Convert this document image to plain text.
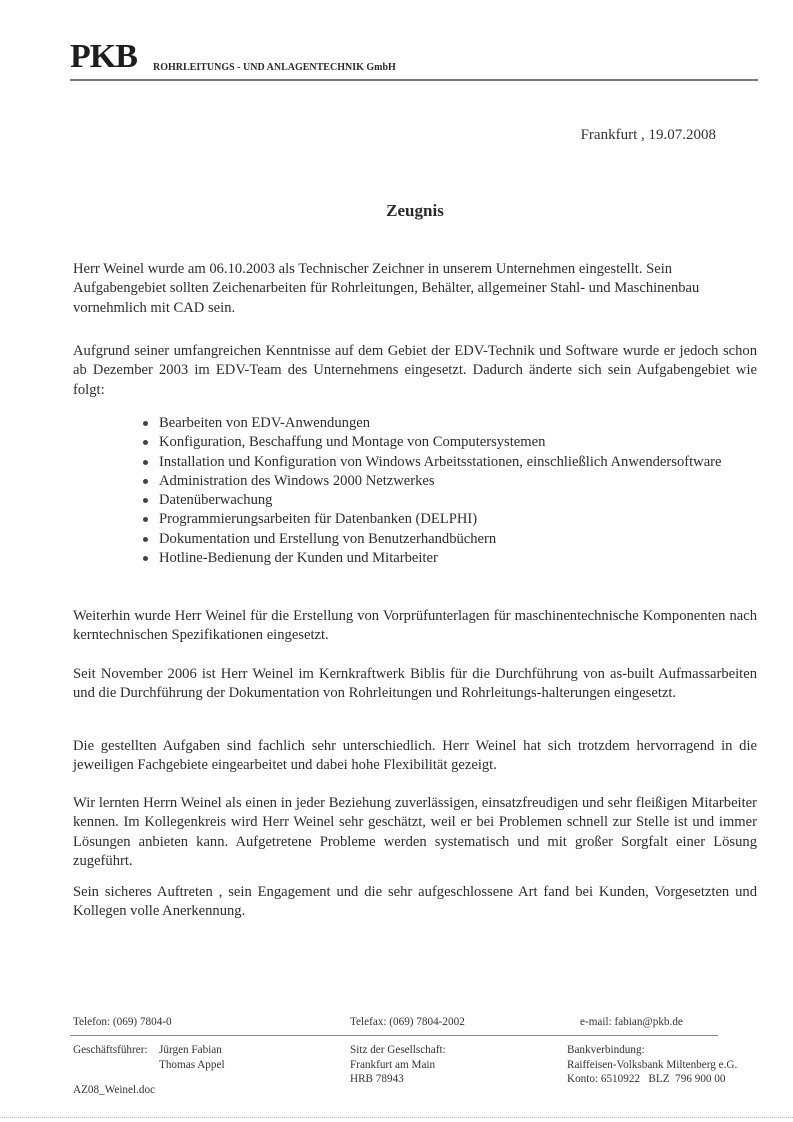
PKB ROHRLEITUNGS - UND ANLAGENTECHNIK GmbH
Frankfurt , 19.07.2008
Zeugnis

Herr Weinel wurde am 06.10.2003 als Technischer Zeichner in unserem Unternehmen eingestellt. Sein Aufgabengebiet sollten Zeichenarbeiten für Rohrleitungen, Behälter, allgemeiner Stahl- und Maschinenbau vornehmlich mit CAD sein.

Aufgrund seiner umfangreichen Kenntnisse auf dem Gebiet der EDV-Technik und Software wurde er jedoch schon ab Dezember 2003 im EDV-Team des Unternehmens eingesetzt. Dadurch änderte sich sein Aufgabengebiet wie folgt:

Bearbeiten von EDV-Anwendungen
Konfiguration, Beschaffung und Montage von Computersystemen
Installation und Konfiguration von Windows Arbeitsstationen, einschließlich Anwendersoftware
Administration des Windows 2000 Netzwerkes
Datenüberwachung
Programmierungsarbeiten für Datenbanken (DELPHI)
Dokumentation und Erstellung von Benutzerhandbüchern
Hotline-Bedienung der Kunden und Mitarbeiter

Weiterhin wurde Herr Weinel für die Erstellung von Vorprüfunterlagen für maschinentechnische Komponenten nach kerntechnischen Spezifikationen eingesetzt.

Seit November 2006 ist Herr Weinel im Kernkraftwerk Biblis für die Durchführung von as-built Aufmassarbeiten und die Durchführung der Dokumentation von Rohrleitungen und Rohrleitungs-halterungen eingesetzt.

Die gestellten Aufgaben sind fachlich sehr unterschiedlich. Herr Weinel hat sich trotzdem hervorragend in die jeweiligen Fachgebiete eingearbeitet und dabei hohe Flexibilität gezeigt.

Wir lernten Herrn Weinel als einen in jeder Beziehung zuverlässigen, einsatzfreudigen und sehr fleißigen Mitarbeiter kennen. Im Kollegenkreis wird Herr Weinel sehr geschätzt, weil er bei Problemen schnell zur Stelle ist und immer Lösungen anbieten kann. Aufgetretene Probleme werden systematisch und mit großer Sorgfalt einer Lösung zugeführt.

Sein sicheres Auftreten , sein Engagement und die sehr aufgeschlossene Art fand bei Kunden, Vorgesetzten und Kollegen volle Anerkennung.

Telefon: (069) 7804-0	Telefax: (069) 7804-2002	e-mail: fabian@pkb.de
Geschäftsführer: Jürgen Fabian
Thomas Appel
Sitz der Gesellschaft:
Frankfurt am Main
HRB 78943
Bankverbindung:
Raiffeisen-Volksbank Miltenberg e.G.
Konto: 6510922   BLZ  796 900 00
AZ08_Weinel.doc
